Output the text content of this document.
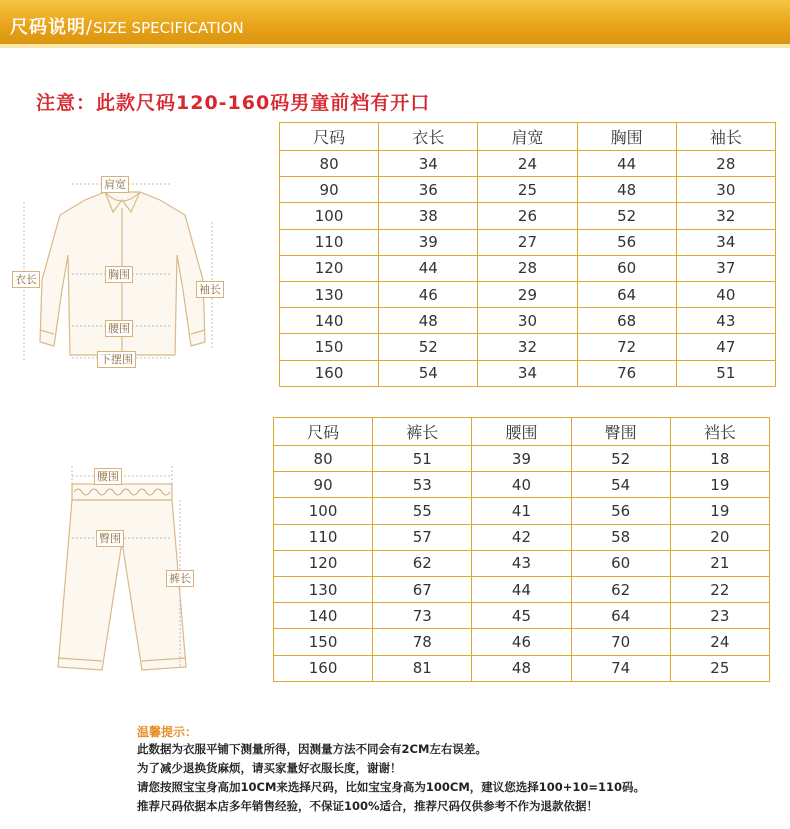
尺码说明/SIZE SPECIFICATION
注意：此款尺码120-160码男童前裆有开口
肩宽
衣长	胸围
袖长
腰围
下摆围
腰围
臀围
裤长
尺码	衣长	肩宽	胸围	袖长
80	34	24	44	28
90	36	25	48	30
100	38	26	52	32
110	39	27	56	34
120	44	28	60	37
130	46	29	64	40
140	48	30	68	43
150	52	32	72	47
160	54	34	76	51
尺码	裤长	腰围	臀围	裆长
80	51	39	52	18
90	53	40	54	19
100	55	41	56	19
110	57	42	58	20
120	62	43	60	21
130	67	44	62	22
140	73	45	64	23
150	78	46	70	24
160	81	48	74	25
温馨提示：
此数据为衣服平铺下测量所得，因测量方法不同会有2CM左右误差。
为了减少退换货麻烦，请买家量好衣服长度，谢谢！
请您按照宝宝身高加10CM来选择尺码，比如宝宝身高为100CM，建议您选择100+10=110码。
推荐尺码依据本店多年销售经验，不保证100%适合，推荐尺码仅供参考不作为退款依据！
